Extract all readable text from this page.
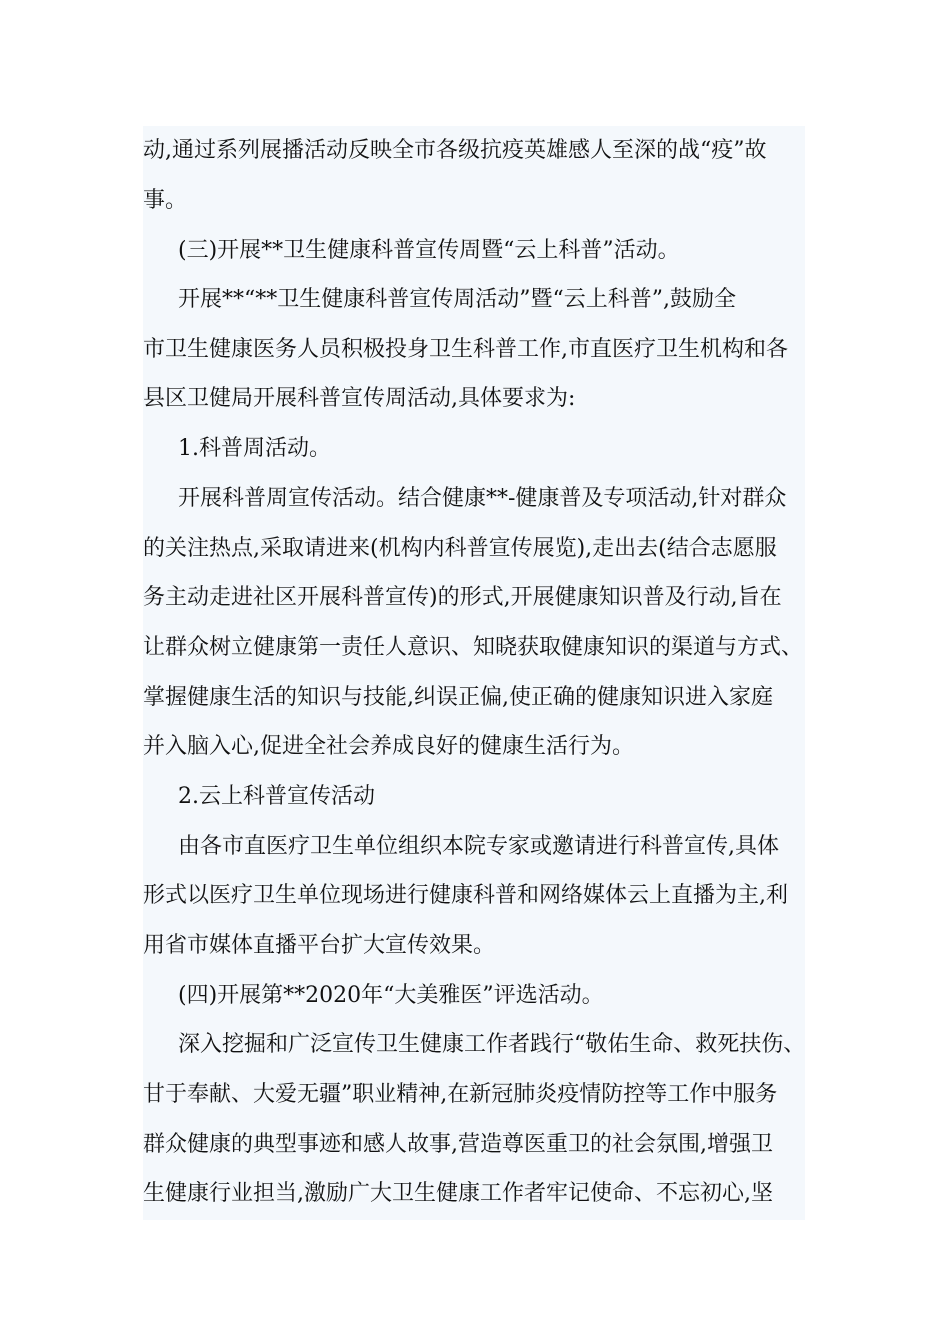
动,通过系列展播活动反映全市各级抗疫英雄感人至深的战“疫”故
事。
(三)开展**卫生健康科普宣传周暨“云上科普”活动。
开展**“**卫生健康科普宣传周活动”暨“云上科普”,鼓励全
市卫生健康医务人员积极投身卫生科普工作,市直医疗卫生机构和各
县区卫健局开展科普宣传周活动,具体要求为:
1.科普周活动。
开展科普周宣传活动。结合健康**-健康普及专项活动,针对群众
的关注热点,采取请进来(机构内科普宣传展览),走出去(结合志愿服
务主动走进社区开展科普宣传)的形式,开展健康知识普及行动,旨在
让群众树立健康第一责任人意识、知晓获取健康知识的渠道与方式、
掌握健康生活的知识与技能,纠误正偏,使正确的健康知识进入家庭
并入脑入心,促进全社会养成良好的健康生活行为。
2.云上科普宣传活动
由各市直医疗卫生单位组织本院专家或邀请进行科普宣传,具体
形式以医疗卫生单位现场进行健康科普和网络媒体云上直播为主,利
用省市媒体直播平台扩大宣传效果。
(四)开展第**2020年“大美雅医”评选活动。
深入挖掘和广泛宣传卫生健康工作者践行“敬佑生命、救死扶伤、
甘于奉献、大爱无疆”职业精神,在新冠肺炎疫情防控等工作中服务
群众健康的典型事迹和感人故事,营造尊医重卫的社会氛围,增强卫
生健康行业担当,激励广大卫生健康工作者牢记使命、不忘初心,坚
